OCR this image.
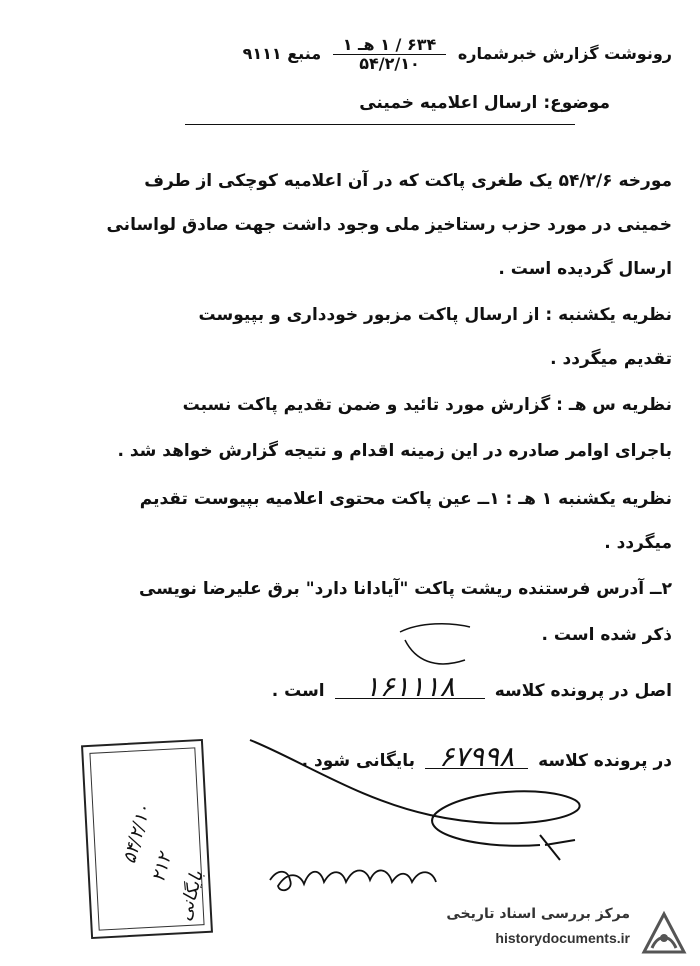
رونوشت گزارش خبرشماره
۶۳۴ / ۱ هـ ۱
۵۴/۲/۱۰
منبع ۹۱۱۱
موضوع: ارسال اعلامیه خمینی
مورخه ۵۴/۲/۶ یک طغری پاکت که در آن اعلامیه کوچکی از طرف
خمینی در مورد حزب رستاخیز ملی وجود داشت جهت صادق لواسانی
ارسال گردیده است .
نظریه یکشنبه : از ارسال پاکت مزبور خودداری و بپیوست
تقدیم میگردد .
نظریه س هـ : گزارش مورد تائید و ضمن تقدیم پاکت نسبت
باجرای اوامر صادره در این زمینه اقدام و نتیجه گزارش خواهد شد .
نظریه یکشنبه ۱ هـ : ۱ــ عین پاکت محتوی اعلامیه بپیوست تقدیم
میگردد .
۲ــ آدرس فرستنده ریشت پاکت "آیادانا دارد" برق علیرضا نویسی
ذکر شده است .
اصل در پرونده کلاسه ۱۶۱۱۱۸ است .
در پرونده کلاسه ۶۷۹۹۸ بایگانی شود .
۵۴/۲/۱۰
۲۱۲
بایگانی	مرکز بررسی اسناد تاریخی
historydocuments.ir
